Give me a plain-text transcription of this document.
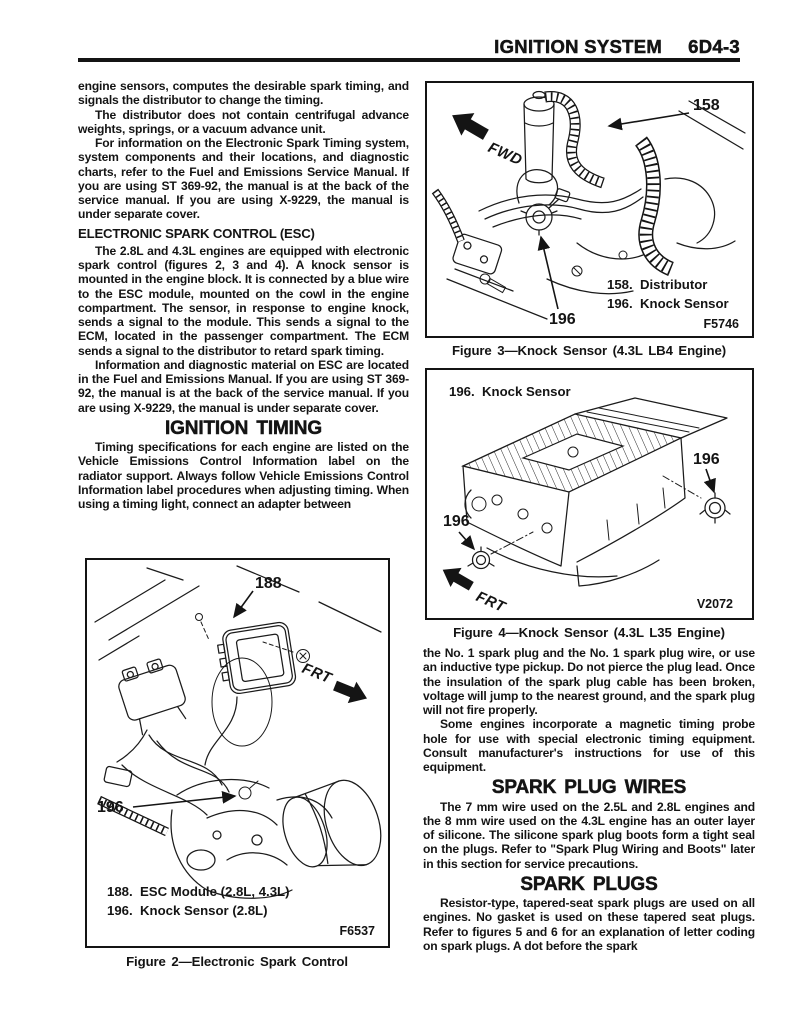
IGNITION SYSTEM 6D4-3

engine sensors, computes the desirable spark timing, and signals the distributor to change the timing.

The distributor does not contain centrifugal advance weights, springs, or a vacuum advance unit.

For information on the Electronic Spark Timing system, system components and their locations, and diagnostic charts, refer to the Fuel and Emissions Service Manual. If you are using ST 369-92, the manual is at the back of the service manual. If you are using X-9229, the manual is under separate cover.

ELECTRONIC SPARK CONTROL (ESC)

The 2.8L and 4.3L engines are equipped with electronic spark control (figures 2, 3 and 4). A knock sensor is mounted in the engine block. It is connected by a blue wire to the ESC module, mounted on the cowl in the engine compartment. The sensor, in response to engine knock, sends a signal to the module. This sends a signal to the ECM, located in the passenger compartment. The ECM sends a signal to the distributor to retard spark timing.

Information and diagnostic material on ESC are located in the Fuel and Emissions Manual. If you are using ST 369-92, the manual is at the back of the service manual. If you are using X-9229, the manual is under separate cover.

IGNITION TIMING

Timing specifications for each engine are listed on the Vehicle Emissions Control Information label on the radiator support. Always follow Vehicle Emissions Control Information label procedures when adjusting timing. When using a timing light, connect an adapter between

the No. 1 spark plug and the No. 1 spark plug wire, or use an inductive type pickup. Do not pierce the plug lead. Once the insulation of the spark plug cable has been broken, voltage will jump to the nearest ground, and the spark plug will not fire properly.

Some engines incorporate a magnetic timing probe hole for use with special electronic timing equipment. Consult manufacturer's instructions for use of this equipment.

SPARK PLUG WIRES

The 7 mm wire used on the 2.5L and 2.8L engines and the 8 mm wire used on the 4.3L engine has an outer layer of silicone. The silicone spark plug boots form a tight seal on the plugs. Refer to "Spark Plug Wiring and Boots" later in this section for service precautions.

SPARK PLUGS

Resistor-type, tapered-seat spark plugs are used on all engines. No gasket is used on these tapered seat plugs. Refer to figures 5 and 6 for an explanation of letter coding on spark plugs. A dot before the spark

188
FRT
196
188.  ESC Module (2.8L, 4.3L)
196.  Knock Sensor (2.8L)
F6537
Figure 2—Electronic Spark Control
FWD
158
196
158.  Distributor
196.  Knock Sensor
F5746
Figure 3—Knock Sensor (4.3L LB4 Engine)
196.  Knock Sensor
196
196
FRT	V2072
Figure 4—Knock Sensor (4.3L L35 Engine)
